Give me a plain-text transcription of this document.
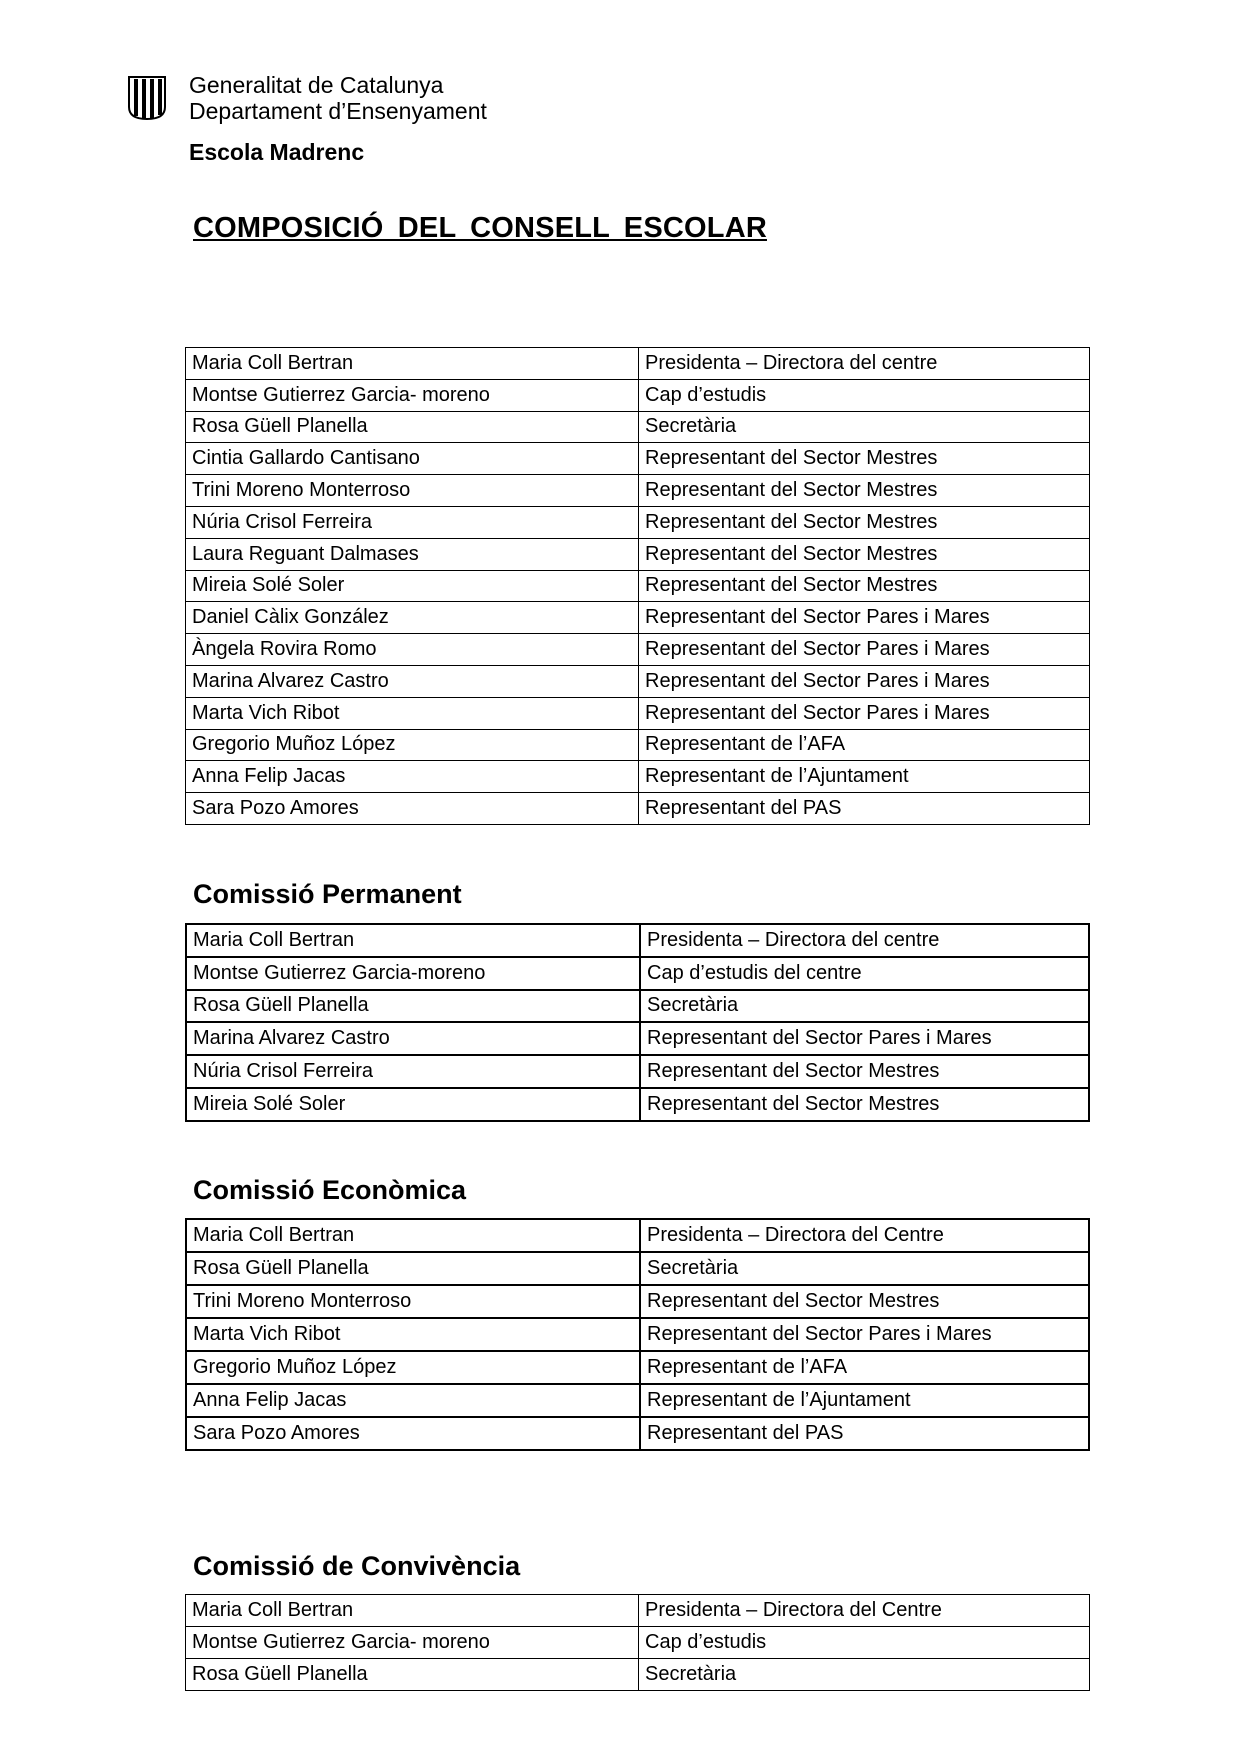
Generalitat de Catalunya
Departament d’Ensenyament
Escola Madrenc
COMPOSICIÓ DEL CONSELL ESCOLAR
Maria Coll Bertran	Presidenta – Directora del centre
Montse Gutierrez Garcia- moreno	Cap d’estudis
Rosa Güell Planella	Secretària
Cintia Gallardo Cantisano	Representant del Sector Mestres
Trini Moreno Monterroso	Representant del Sector Mestres
Núria Crisol Ferreira	Representant del Sector Mestres
Laura Reguant Dalmases	Representant del Sector Mestres
Mireia Solé Soler	Representant del Sector Mestres
Daniel Càlix González	Representant del Sector Pares i Mares
Àngela Rovira Romo	Representant del Sector Pares i Mares
Marina Alvarez Castro	Representant del Sector Pares i Mares
Marta Vich Ribot	Representant del Sector Pares i Mares
Gregorio Muñoz López	Representant de l’AFA
Anna Felip Jacas	Representant de l’Ajuntament
Sara Pozo Amores	Representant del PAS
Comissió Permanent
Maria Coll Bertran	Presidenta – Directora del centre
Montse Gutierrez Garcia-moreno	Cap d’estudis del centre
Rosa Güell Planella	Secretària
Marina Alvarez Castro	Representant del Sector Pares i Mares
Núria Crisol Ferreira	Representant del Sector Mestres
Mireia Solé Soler	Representant del Sector Mestres
Comissió Econòmica
Maria Coll Bertran	Presidenta – Directora del Centre
Rosa Güell Planella	Secretària
Trini Moreno Monterroso	Representant del Sector Mestres
Marta Vich Ribot	Representant del Sector Pares i Mares
Gregorio Muñoz López	Representant de l’AFA
Anna Felip Jacas	Representant de l’Ajuntament
Sara Pozo Amores	Representant del PAS
Comissió de Convivència
Maria Coll Bertran	Presidenta – Directora del Centre
Montse Gutierrez Garcia- moreno	Cap d’estudis
Rosa Güell Planella	Secretària
